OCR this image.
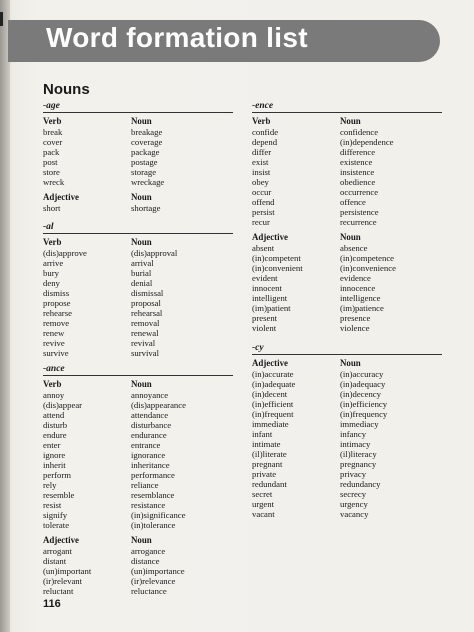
Word formation list
Nouns
-age
Verb
break
cover
pack
post
store
wreck
Noun
breakage
coverage
package
postage
storage
wreckage
Adjective
short
Noun
shortage
-al
Verb
(dis)approve
arrive
bury
deny
dismiss
propose
rehearse
remove
renew
revive
survive
Noun
(dis)approval
arrival
burial
denial
dismissal
proposal
rehearsal
removal
renewal
revival
survival
-ance
Verb
annoy
(dis)appear
attend
disturb
endure
enter
ignore
inherit
perform
rely
resemble
resist
signify
tolerate
Noun
annoyance
(dis)appearance
attendance
disturbance
endurance
entrance
ignorance
inheritance
performance
reliance
resemblance
resistance
(in)significance
(in)tolerance
Adjective
arrogant
distant
(un)important
(ir)relevant
reluctant
Noun
arrogance
distance
(un)importance
(ir)relevance
reluctance
-ence
Verb
confide
depend
differ
exist
insist
obey
occur
offend
persist
recur
Noun
confidence
(in)dependence
difference
existence
insistence
obedience
occurrence
offence
persistence
recurrence
Adjective
absent
(in)competent
(in)convenient
evident
innocent
intelligent
(im)patient
present
violent
Noun
absence
(in)competence
(in)convenience
evidence
innocence
intelligence
(im)patience
presence
violence
-cy
Adjective
(in)accurate
(in)adequate
(in)decent
(in)efficient
(in)frequent
immediate
infant
intimate
(il)literate
pregnant
private
redundant
secret
urgent
vacant
Noun
(in)accuracy
(in)adequacy
(in)decency
(in)efficiency
(in)frequency
immediacy
infancy
intimacy
(il)literacy
pregnancy
privacy
redundancy
secrecy
urgency
vacancy
116
